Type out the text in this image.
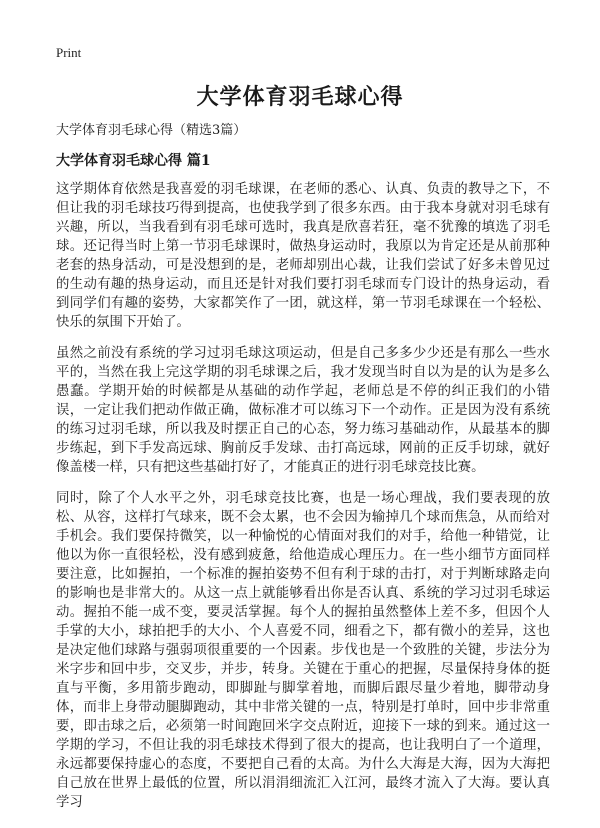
Print
大学体育羽毛球心得

大学体育羽毛球心得（精选3篇）

大学体育羽毛球心得 篇1

这学期体育依然是我喜爱的羽毛球课，在老师的悉心、认真、负责的教导之下，不但让我的羽毛球技巧得到提高，也使我学到了很多东西。由于我本身就对羽毛球有兴趣，所以，当我看到有羽毛球可选时，我真是欣喜若狂，毫不犹豫的填选了羽毛球。还记得当时上第一节羽毛球课时，做热身运动时，我原以为肯定还是从前那种老套的热身活动，可是没想到的是，老师却别出心裁，让我们尝试了好多未曾见过的生动有趣的热身运动，而且还是针对我们要打羽毛球而专门设计的热身运动，看到同学们有趣的姿势，大家都笑作了一团，就这样，第一节羽毛球课在一个轻松、快乐的氛围下开始了。

虽然之前没有系统的学习过羽毛球这项运动，但是自己多多少少还是有那么一些水平的，当然在我上完这学期的羽毛球课之后，我才发现当时自以为是的认为是多么愚蠢。学期开始的时候都是从基础的动作学起，老师总是不停的纠正我们的小错误，一定让我们把动作做正确，做标准才可以练习下一个动作。正是因为没有系统的练习过羽毛球，所以我及时摆正自己的心态，努力练习基础动作，从最基本的脚步练起，到下手发高远球、胸前反手发球、击打高远球，网前的正反手切球，就好像盖楼一样，只有把这些基础打好了，才能真正的进行羽毛球竞技比赛。

同时，除了个人水平之外，羽毛球竞技比赛，也是一场心理战，我们要表现的放松、从容，这样打气球来，既不会太累，也不会因为输掉几个球而焦急，从而给对手机会。我们要保持微笑，以一种愉悦的心情面对我们的对手，给他一种错觉，让他以为你一直很轻松，没有感到疲惫，给他造成心理压力。在一些小细节方面同样要注意，比如握拍，一个标准的握拍姿势不但有利于球的击打，对于判断球路走向的影响也是非常大的。从这一点上就能够看出你是否认真、系统的学习过羽毛球运动。握拍不能一成不变，要灵活掌握。每个人的握拍虽然整体上差不多，但因个人手掌的大小，球拍把手的大小、个人喜爱不同，细看之下，都有微小的差异，这也是决定他们球路与强弱项很重要的一个因素。步伐也是一个致胜的关键，步法分为米字步和回中步，交叉步，并步，转身。关键在于重心的把握，尽量保持身体的挺直与平衡，多用箭步跑动，即脚趾与脚掌着地，而脚后跟尽量少着地，脚带动身体，而非上身带动腿脚跑动，其中非常关键的一点，特别是打单时，回中步非常重要，即击球之后，必须第一时间跑回米字交点附近，迎接下一球的到来。通过这一学期的学习，不但让我的羽毛球技术得到了很大的提高，也让我明白了一个道理，永远都要保持虚心的态度，不要把自己看的太高。为什么大海是大海，因为大海把自己放在世界上最低的位置，所以涓涓细流汇入江河，最终才流入了大海。要认真学习
